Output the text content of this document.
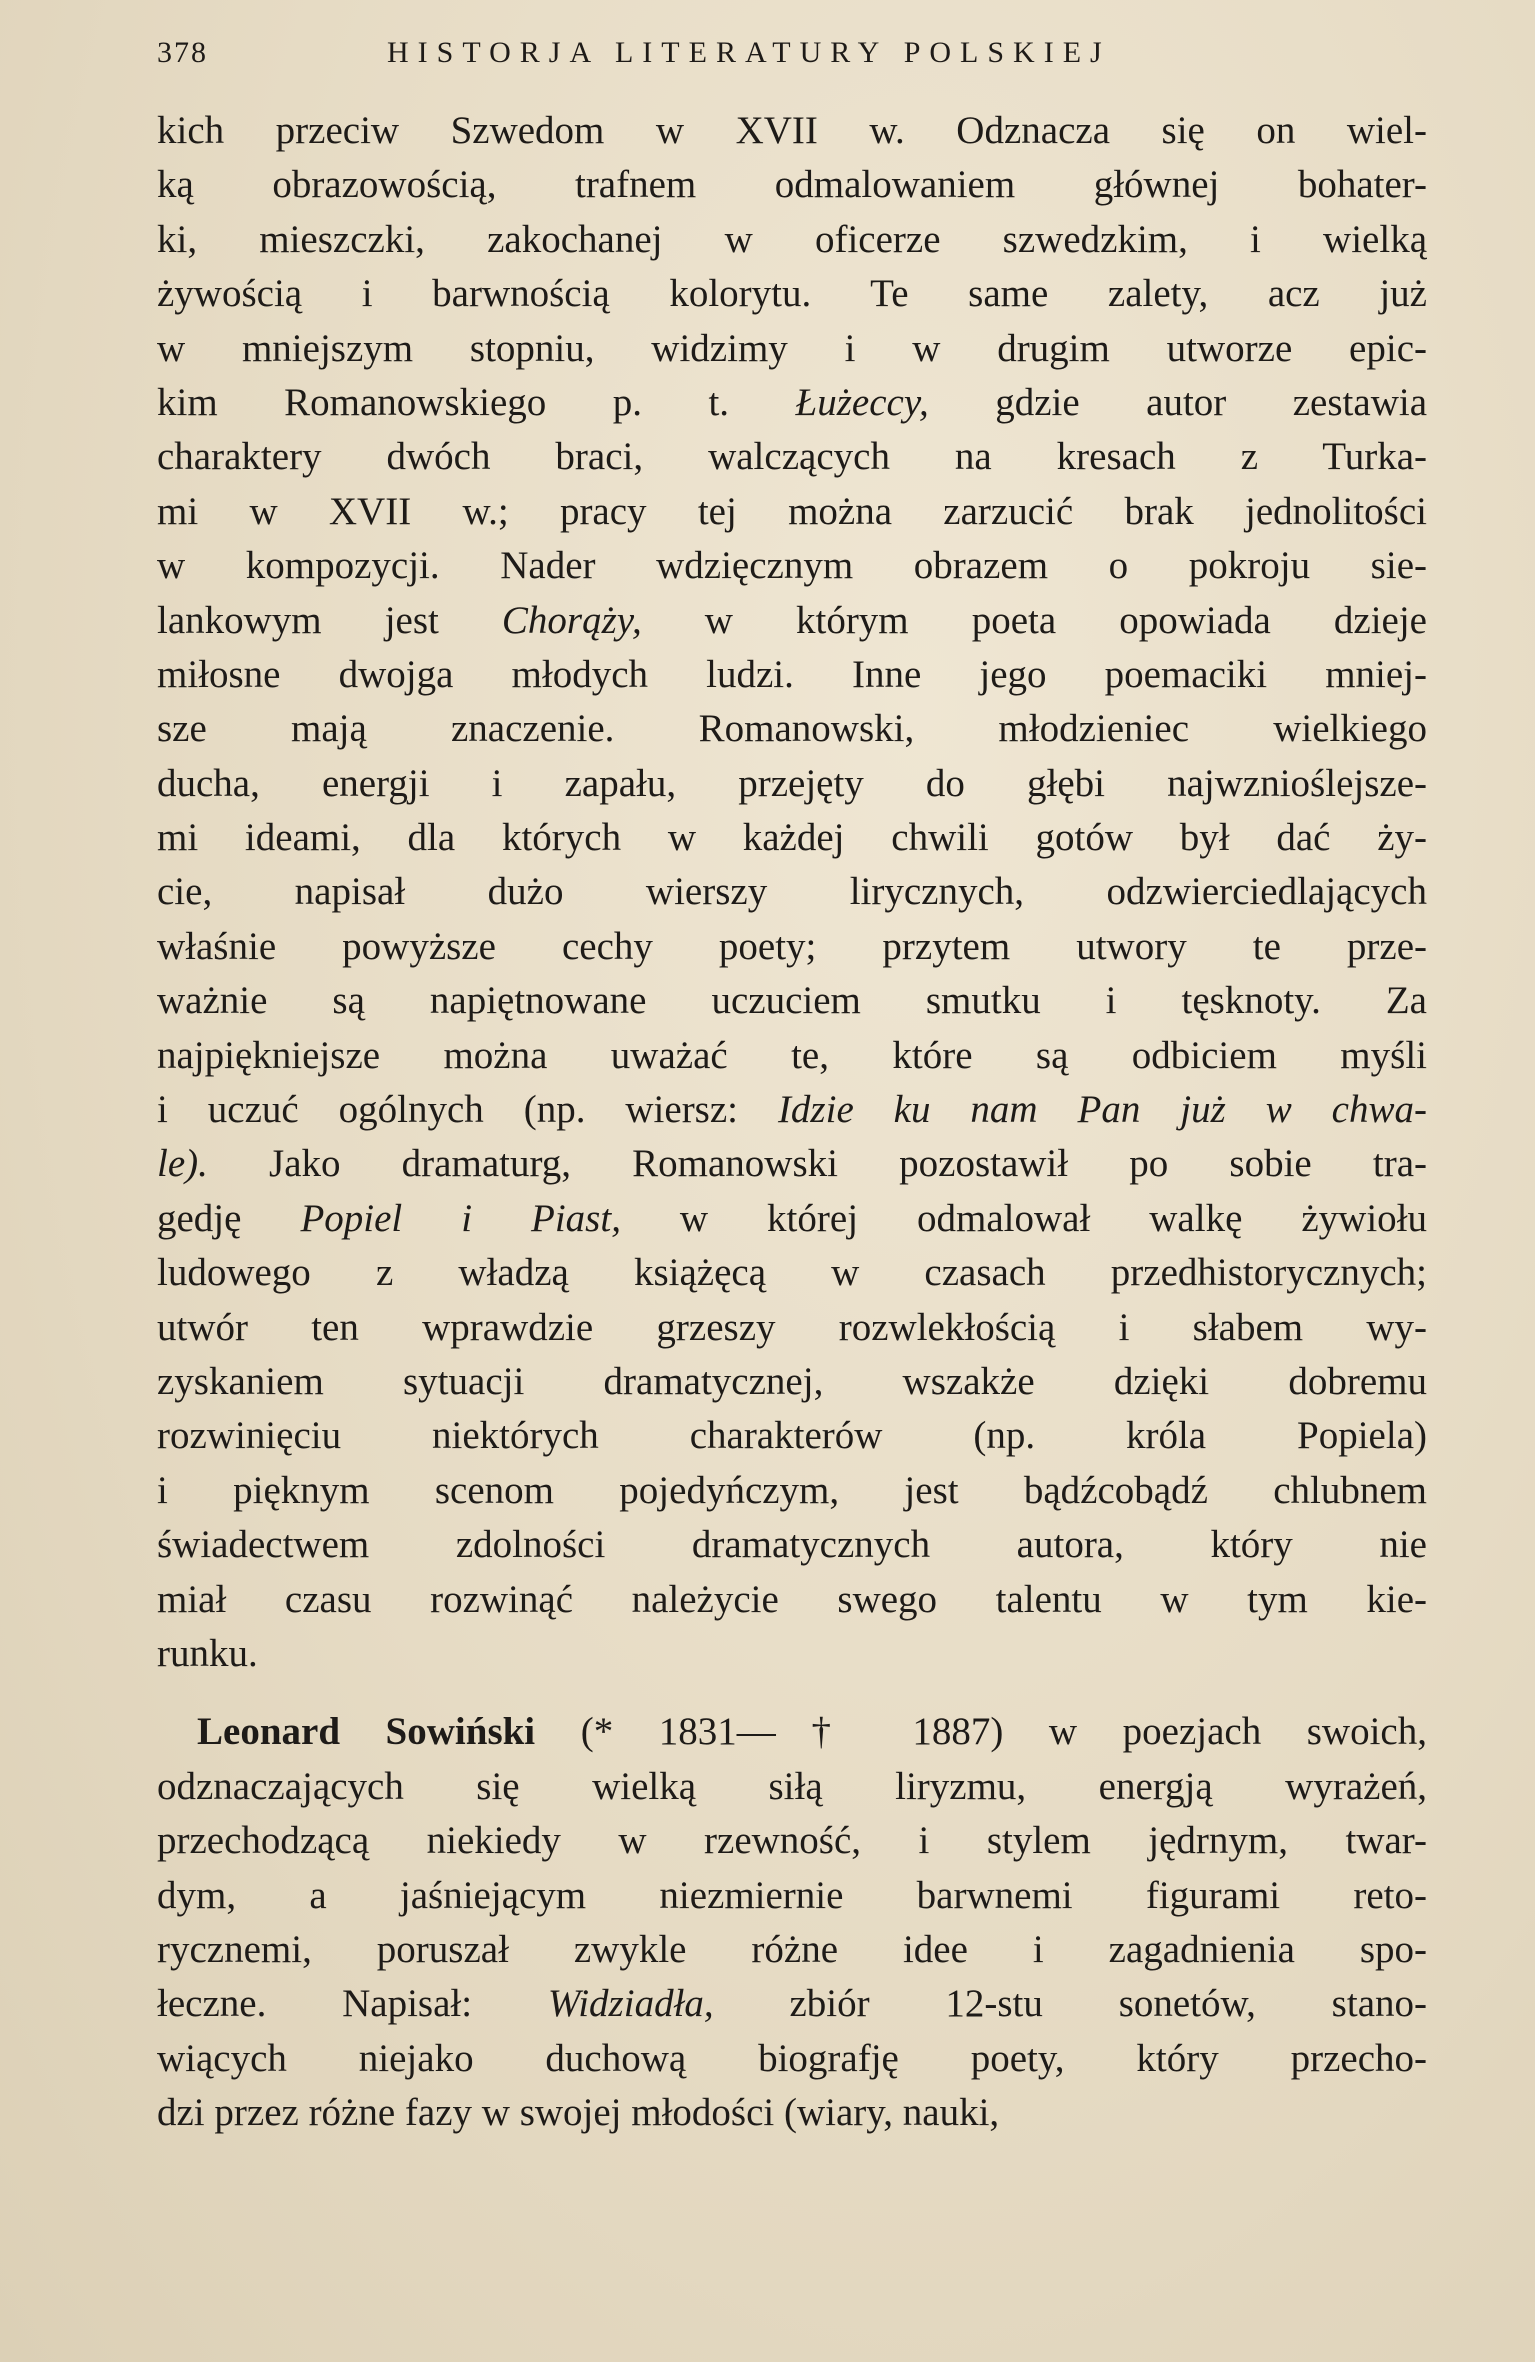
378	HISTORJA LITERATURY POLSKIEJ
kich przeciw Szwedom w XVII w. Odznacza się on wiel-
ką obrazowością, trafnem odmalowaniem głównej bohater-
ki, mieszczki, zakochanej w oficerze szwedzkim, i wielką
żywością i barwnością kolorytu. Te same zalety, acz już
w mniejszym stopniu, widzimy i w drugim utworze epic-
kim Romanowskiego p. t. Łużeccy, gdzie autor zestawia
charaktery dwóch braci, walczących na kresach z Turka-
mi w XVII w.; pracy tej można zarzucić brak jednolitości
w kompozycji. Nader wdzięcznym obrazem o pokroju sie-
lankowym jest Chorąży, w którym poeta opowiada dzieje
miłosne dwojga młodych ludzi. Inne jego poemaciki mniej-
sze mają znaczenie. Romanowski, młodzieniec wielkiego
ducha, energji i zapału, przejęty do głębi najwznioślejsze-
mi ideami, dla których w każdej chwili gotów był dać ży-
cie, napisał dużo wierszy lirycznych, odzwierciedlających
właśnie powyższe cechy poety; przytem utwory te prze-
ważnie są napiętnowane uczuciem smutku i tęsknoty. Za
najpiękniejsze można uważać te, które są odbiciem myśli
i uczuć ogólnych (np. wiersz: Idzie ku nam Pan już w chwa-
le). Jako dramaturg, Romanowski pozostawił po sobie tra-
gedję Popiel i Piast, w której odmalował walkę żywiołu
ludowego z władzą książęcą w czasach przedhistorycznych;
utwór ten wprawdzie grzeszy rozwlekłością i słabem wy-
zyskaniem sytuacji dramatycznej, wszakże dzięki dobremu
rozwinięciu niektórych charakterów (np. króla Popiela)
i pięknym scenom pojedyńczym, jest bądźcobądź chlubnem
świadectwem zdolności dramatycznych autora, który nie
miał czasu rozwinąć należycie swego talentu w tym kie-
runku.
Leonard Sowiński (* 1831—† 1887) w poezjach swoich,
odznaczających się wielką siłą liryzmu, energją wyrażeń,
przechodzącą niekiedy w rzewność, i stylem jędrnym, twar-
dym, a jaśniejącym niezmiernie barwnemi figurami reto-
rycznemi, poruszał zwykle różne idee i zagadnienia spo-
łeczne. Napisał: Widziadła, zbiór 12-stu sonetów, stano-
wiących niejako duchową biografję poety, który przecho-
dzi przez różne fazy w swojej młodości (wiary, nauki,
